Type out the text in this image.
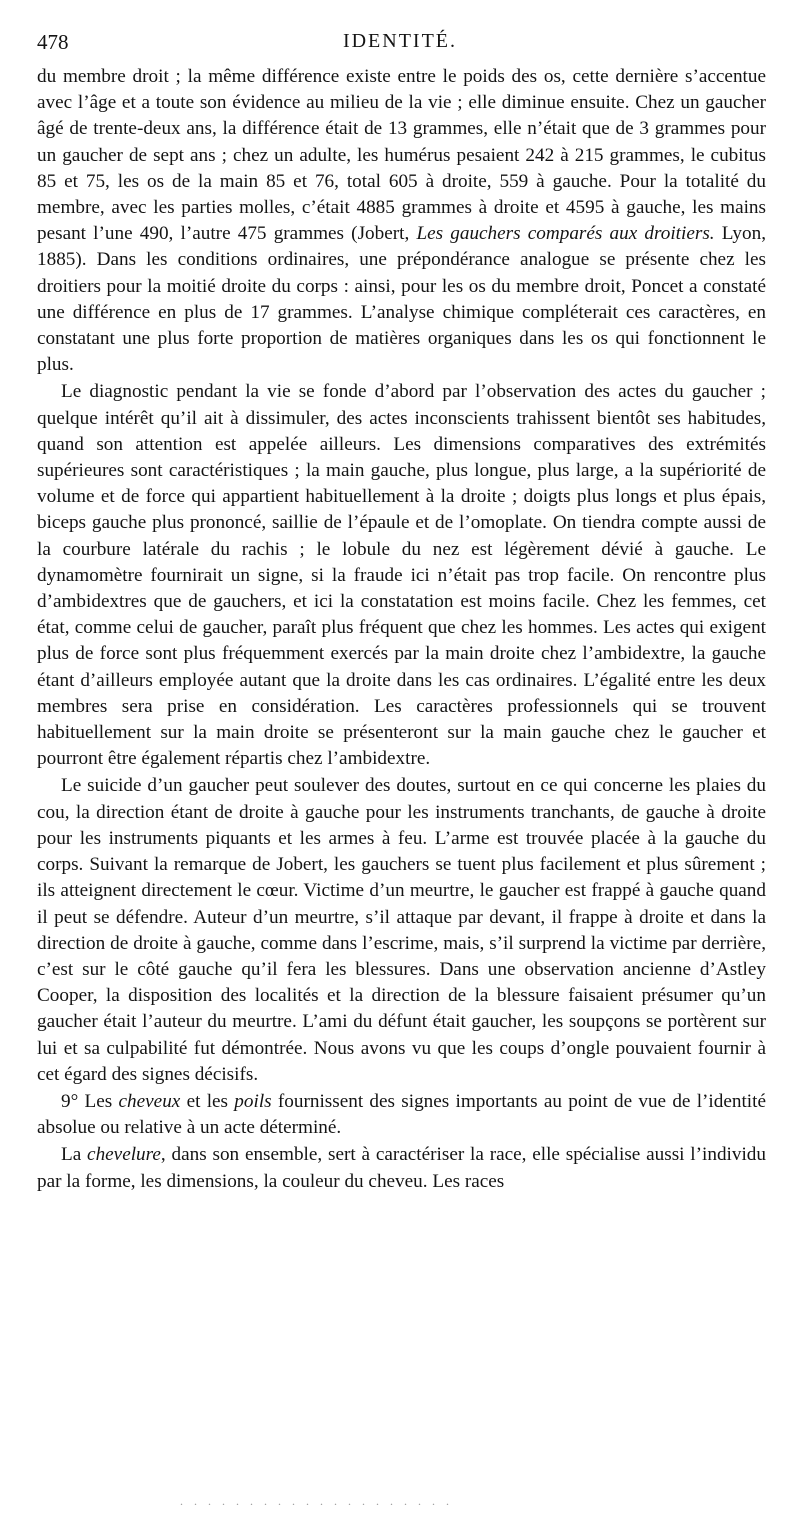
478	IDENTITÉ.

du membre droit ; la même différence existe entre le poids des os, cette dernière s’accentue avec l’âge et a toute son évidence au milieu de la vie ; elle diminue ensuite. Chez un gaucher âgé de trente-deux ans, la différence était de 13 grammes, elle n’était que de 3 grammes pour un gaucher de sept ans ; chez un adulte, les humérus pesaient 242 à 215 grammes, le cubitus 85 et 75, les os de la main 85 et 76, total 605 à droite, 559 à gauche. Pour la totalité du membre, avec les parties molles, c’était 4885 grammes à droite et 4595 à gauche, les mains pesant l’une 490, l’autre 475 grammes (Jobert, Les gauchers comparés aux droitiers. Lyon, 1885). Dans les conditions ordinaires, une prépondérance analogue se présente chez les droitiers pour la moitié droite du corps : ainsi, pour les os du membre droit, Poncet a constaté une différence en plus de 17 grammes. L’analyse chimique compléterait ces caractères, en constatant une plus forte proportion de matières organiques dans les os qui fonctionnent le plus.

Le diagnostic pendant la vie se fonde d’abord par l’observation des actes du gaucher ; quelque intérêt qu’il ait à dissimuler, des actes inconscients trahissent bientôt ses habitudes, quand son attention est appelée ailleurs. Les dimensions comparatives des extrémités supérieures sont caractéristiques ; la main gauche, plus longue, plus large, a la supériorité de volume et de force qui appartient habituellement à la droite ; doigts plus longs et plus épais, biceps gauche plus prononcé, saillie de l’épaule et de l’omoplate. On tiendra compte aussi de la courbure latérale du rachis ; le lobule du nez est légèrement dévié à gauche. Le dynamomètre fournirait un signe, si la fraude ici n’était pas trop facile. On rencontre plus d’ambidextres que de gauchers, et ici la constatation est moins facile. Chez les femmes, cet état, comme celui de gaucher, paraît plus fréquent que chez les hommes. Les actes qui exigent plus de force sont plus fréquemment exercés par la main droite chez l’ambidextre, la gauche étant d’ailleurs employée autant que la droite dans les cas ordinaires. L’égalité entre les deux membres sera prise en considération. Les caractères professionnels qui se trouvent habituellement sur la main droite se présenteront sur la main gauche chez le gaucher et pourront être également répartis chez l’ambidextre.

Le suicide d’un gaucher peut soulever des doutes, surtout en ce qui concerne les plaies du cou, la direction étant de droite à gauche pour les instruments tranchants, de gauche à droite pour les instruments piquants et les armes à feu. L’arme est trouvée placée à la gauche du corps. Suivant la remarque de Jobert, les gauchers se tuent plus facilement et plus sûrement ; ils atteignent directement le cœur. Victime d’un meurtre, le gaucher est frappé à gauche quand il peut se défendre. Auteur d’un meurtre, s’il attaque par devant, il frappe à droite et dans la direction de droite à gauche, comme dans l’escrime, mais, s’il surprend la victime par derrière, c’est sur le côté gauche qu’il fera les blessures. Dans une observation ancienne d’Astley Cooper, la disposition des localités et la direction de la blessure faisaient présumer qu’un gaucher était l’auteur du meurtre. L’ami du défunt était gaucher, les soupçons se portèrent sur lui et sa culpabilité fut démontrée. Nous avons vu que les coups d’ongle pouvaient fournir à cet égard des signes décisifs.

9° Les cheveux et les poils fournissent des signes importants au point de vue de l’identité absolue ou relative à un acte déterminé.

La chevelure, dans son ensemble, sert à caractériser la race, elle spécialise aussi l’individu par la forme, les dimensions, la couleur du cheveu. Les races

. . . . . . . . . . . . . . . . . . . .
